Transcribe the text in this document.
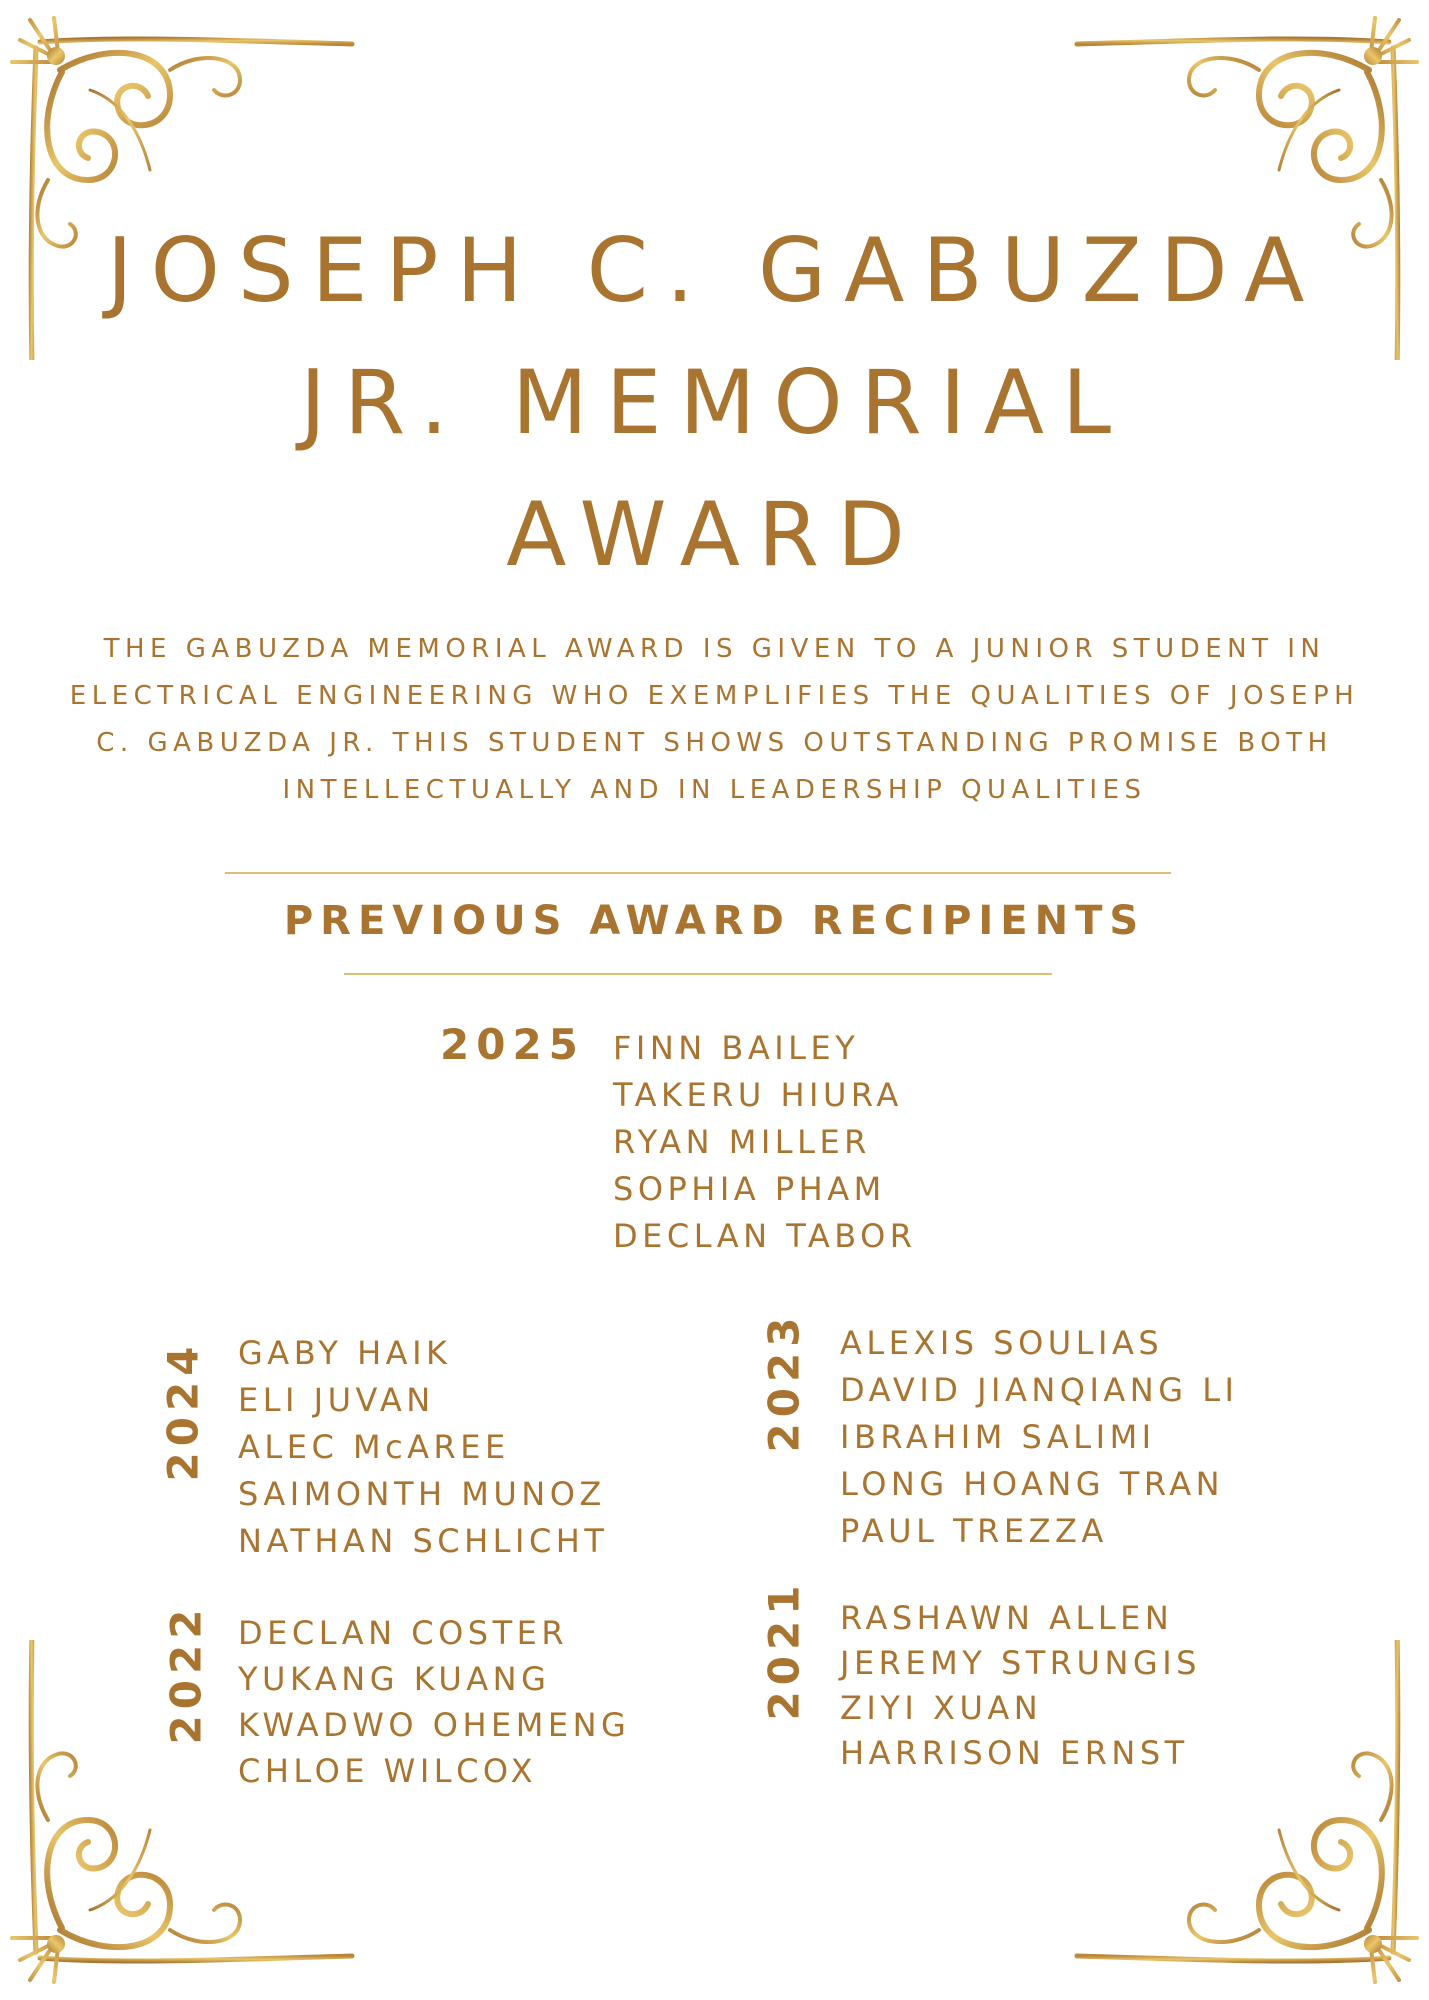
JOSEPH C. GABUZDA
JR. MEMORIAL
AWARD

THE GABUZDA MEMORIAL AWARD IS GIVEN TO A JUNIOR STUDENT IN ELECTRICAL ENGINEERING WHO EXEMPLIFIES THE QUALITIES OF JOSEPH C. GABUZDA JR. THIS STUDENT SHOWS OUTSTANDING PROMISE BOTH INTELLECTUALLY AND IN LEADERSHIP QUALITIES

PREVIOUS AWARD RECIPIENTS
2025 FINN BAILEY
TAKERU HIURA
RYAN MILLER
SOPHIA PHAM
DECLAN TABOR
2024 GABY HAIK
ELI JUVAN
ALEC McAREE
SAIMONTH MUNOZ
NATHAN SCHLICHT
2023 ALEXIS SOULIAS
DAVID JIANQIANG LI
IBRAHIM SALIMI
LONG HOANG TRAN
PAUL TREZZA
2022 DECLAN COSTER
YUKANG KUANG
KWADWO OHEMENG
CHLOE WILCOX
2021 RASHAWN ALLEN
JEREMY STRUNGIS
ZIYI XUAN
HARRISON ERNST
